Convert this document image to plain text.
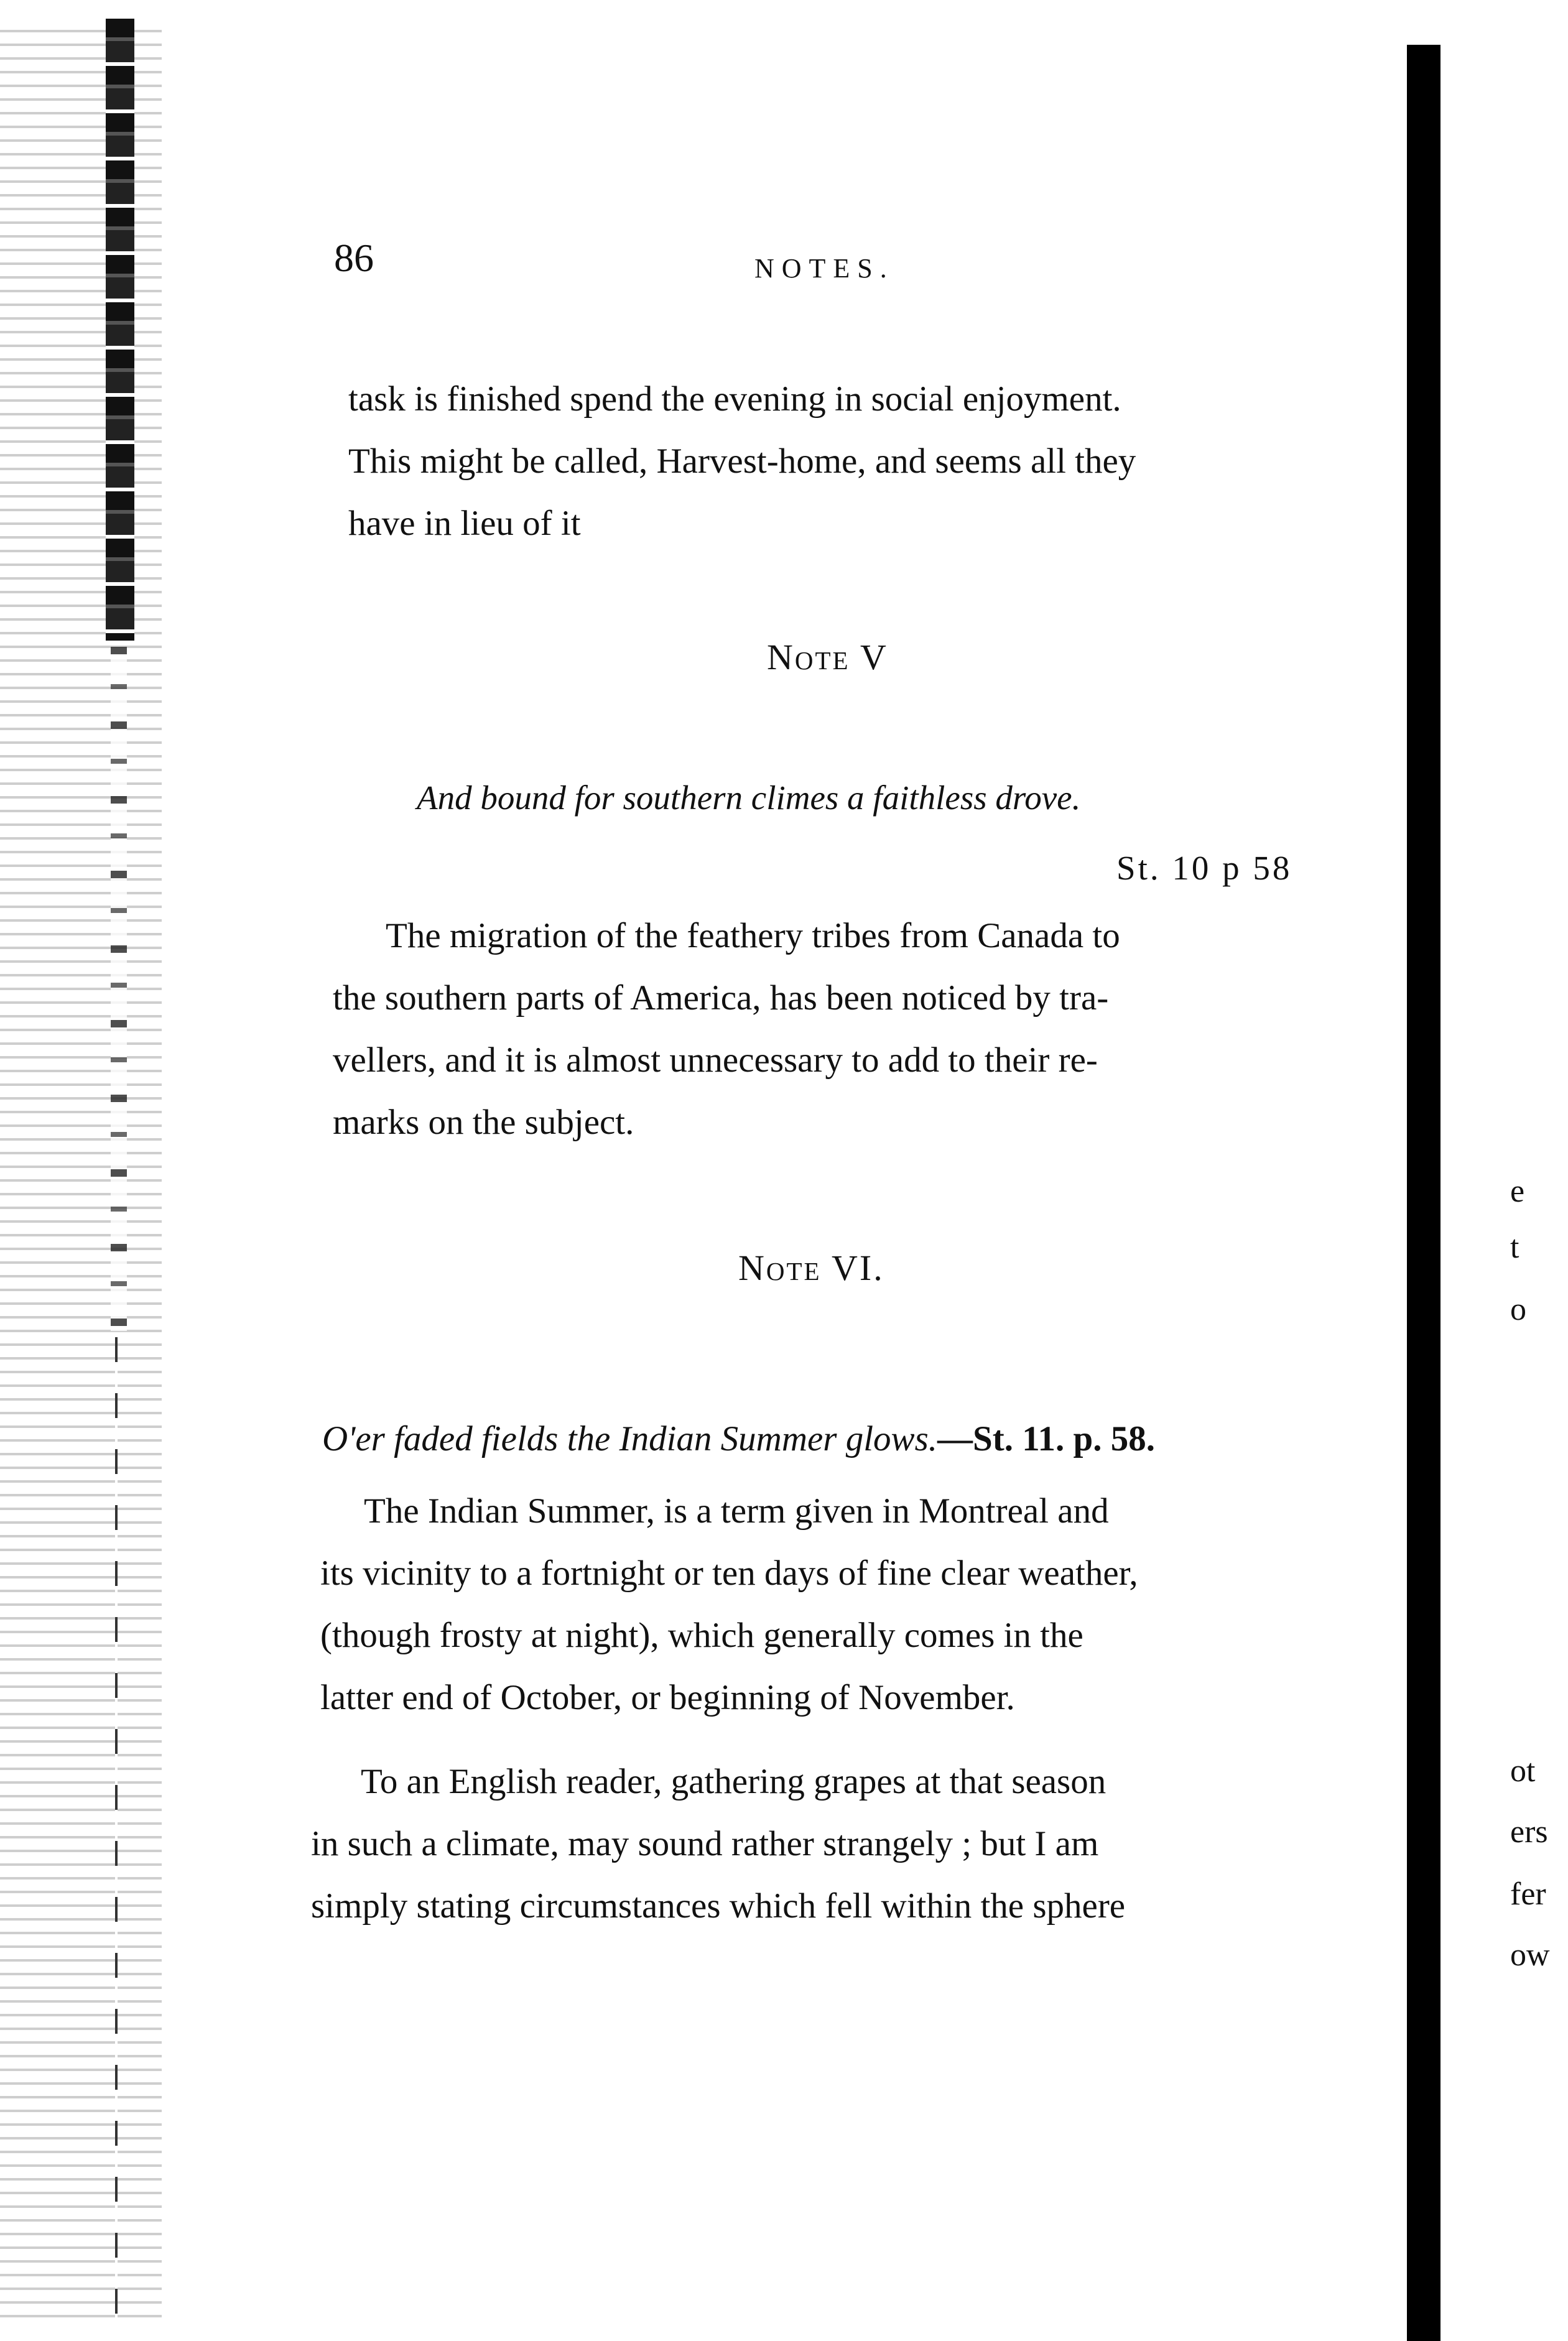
86	NOTES.
task is finished spend the evening in social enjoyment.
This might be called, Harvest-home, and seems all they
have in lieu of it
Note V
And bound for southern climes a faithless drove.
St. 10 p 58
The migration of the feathery tribes from Canada to
the southern parts of America, has been noticed by tra-
vellers, and it is almost unnecessary to add to their re-
marks on the subject.
Note VI.
O'er faded fields the Indian Summer glows.—St. 11. p. 58.
The Indian Summer, is a term given in Montreal and
its vicinity to a fortnight or ten days of fine clear weather,
(though frosty at night), which generally comes in the
latter end of October, or beginning of November.
To an English reader, gathering grapes at that season
in such a climate, may sound rather strangely ; but I am
simply stating circumstances which fell within the sphere
e
t
o
ot
ers
fer
ow
